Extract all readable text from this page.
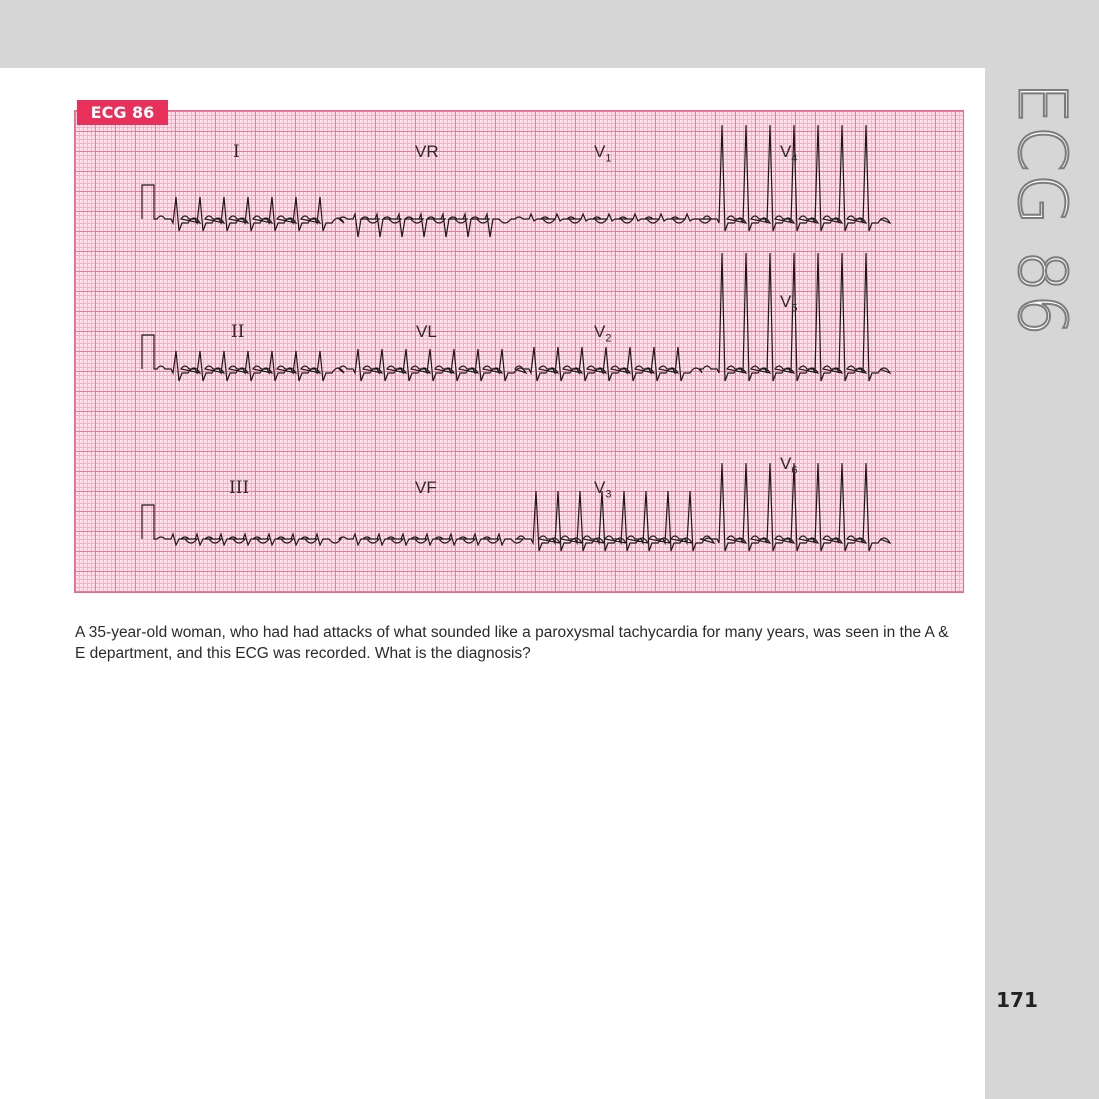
ECG 86
171
ECG 86
I	VR	$V_1$	$V_4$
II	VL	$V_2$
$V_5$
III	VF	$V_3$
$V_6$
A 35-year-old woman, who had had attacks of what sounded like a paroxysmal tachycardia for many years, was seen in the A & E department, and this ECG was recorded. What is the diagnosis?
